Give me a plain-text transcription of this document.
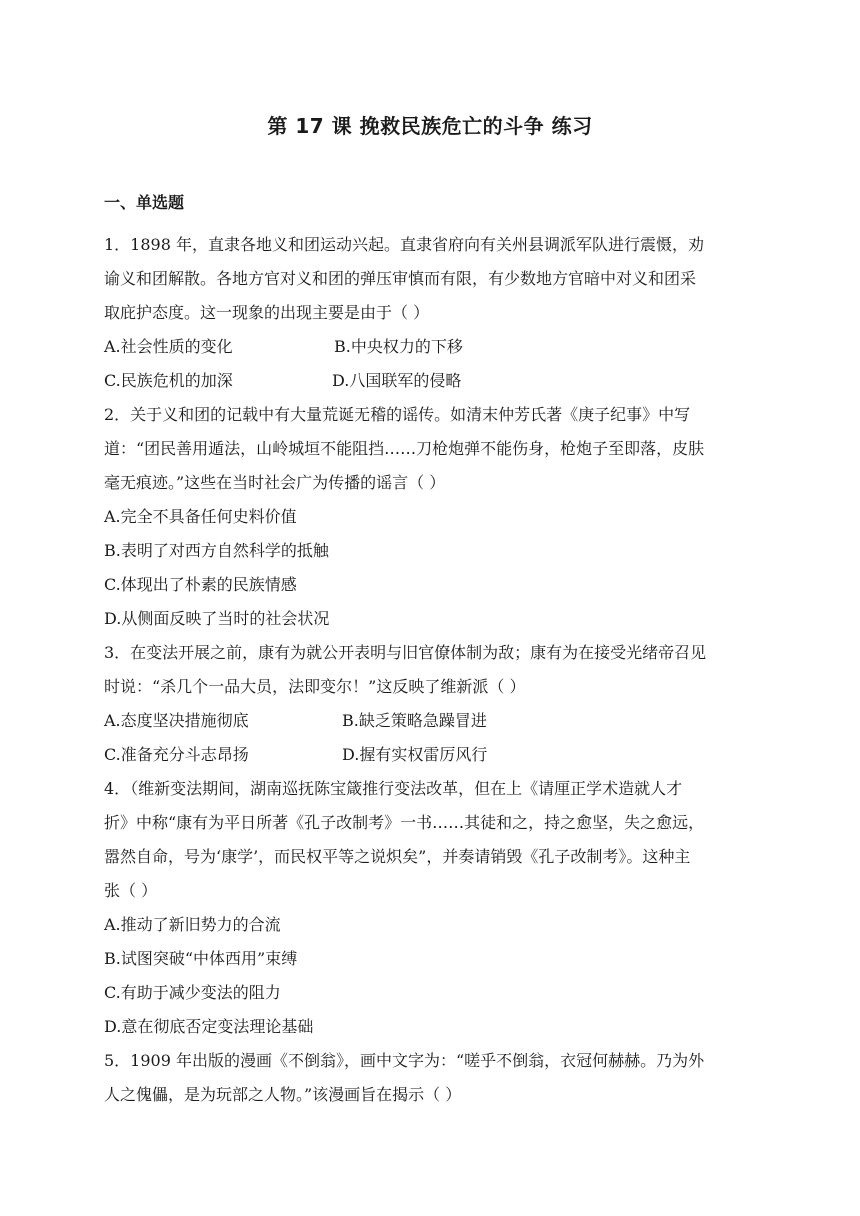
第 17 课 挽救民族危亡的斗争 练习
一、单选题
1．1898 年，直隶各地义和团运动兴起。直隶省府向有关州县调派军队进行震慑，劝
谕义和团解散。各地方官对义和团的弹压审慎而有限，有少数地方官暗中对义和团采
取庇护态度。这一现象的出现主要是由于（ ）
A.社会性质的变化	B.中央权力的下移
C.民族危机的加深	D.八国联军的侵略
2．关于义和团的记载中有大量荒诞无稽的谣传。如清末仲芳氏著《庚子纪事》中写
道：“团民善用遁法，山岭城垣不能阻挡……刀枪炮弹不能伤身，枪炮子至即落，皮肤
毫无痕迹。”这些在当时社会广为传播的谣言（ ）
A.完全不具备任何史料价值
B.表明了对西方自然科学的抵触
C.体现出了朴素的民族情感
D.从侧面反映了当时的社会状况
3．在变法开展之前，康有为就公开表明与旧官僚体制为敌；康有为在接受光绪帝召见
时说：“杀几个一品大员，法即变尔！”这反映了维新派（ ）
A.态度坚决措施彻底	B.缺乏策略急躁冒进
C.准备充分斗志昂扬	D.握有实权雷厉风行
4．（维新变法期间，湖南巡抚陈宝箴推行变法改革，但在上《请厘正学术造就人才
折》中称“康有为平日所著《孔子改制考》一书……其徒和之，持之愈坚，失之愈远，
嚣然自命，号为‘康学’，而民权平等之说炽矣”，并奏请销毁《孔子改制考》。这种主
张（ ）
A.推动了新旧势力的合流
B.试图突破“中体西用”束缚
C.有助于减少变法的阻力
D.意在彻底否定变法理论基础
5．1909 年出版的漫画《不倒翁》，画中文字为：“嗟乎不倒翁，衣冠何赫赫。乃为外
人之傀儡，是为玩部之人物。”该漫画旨在揭示（ ）
